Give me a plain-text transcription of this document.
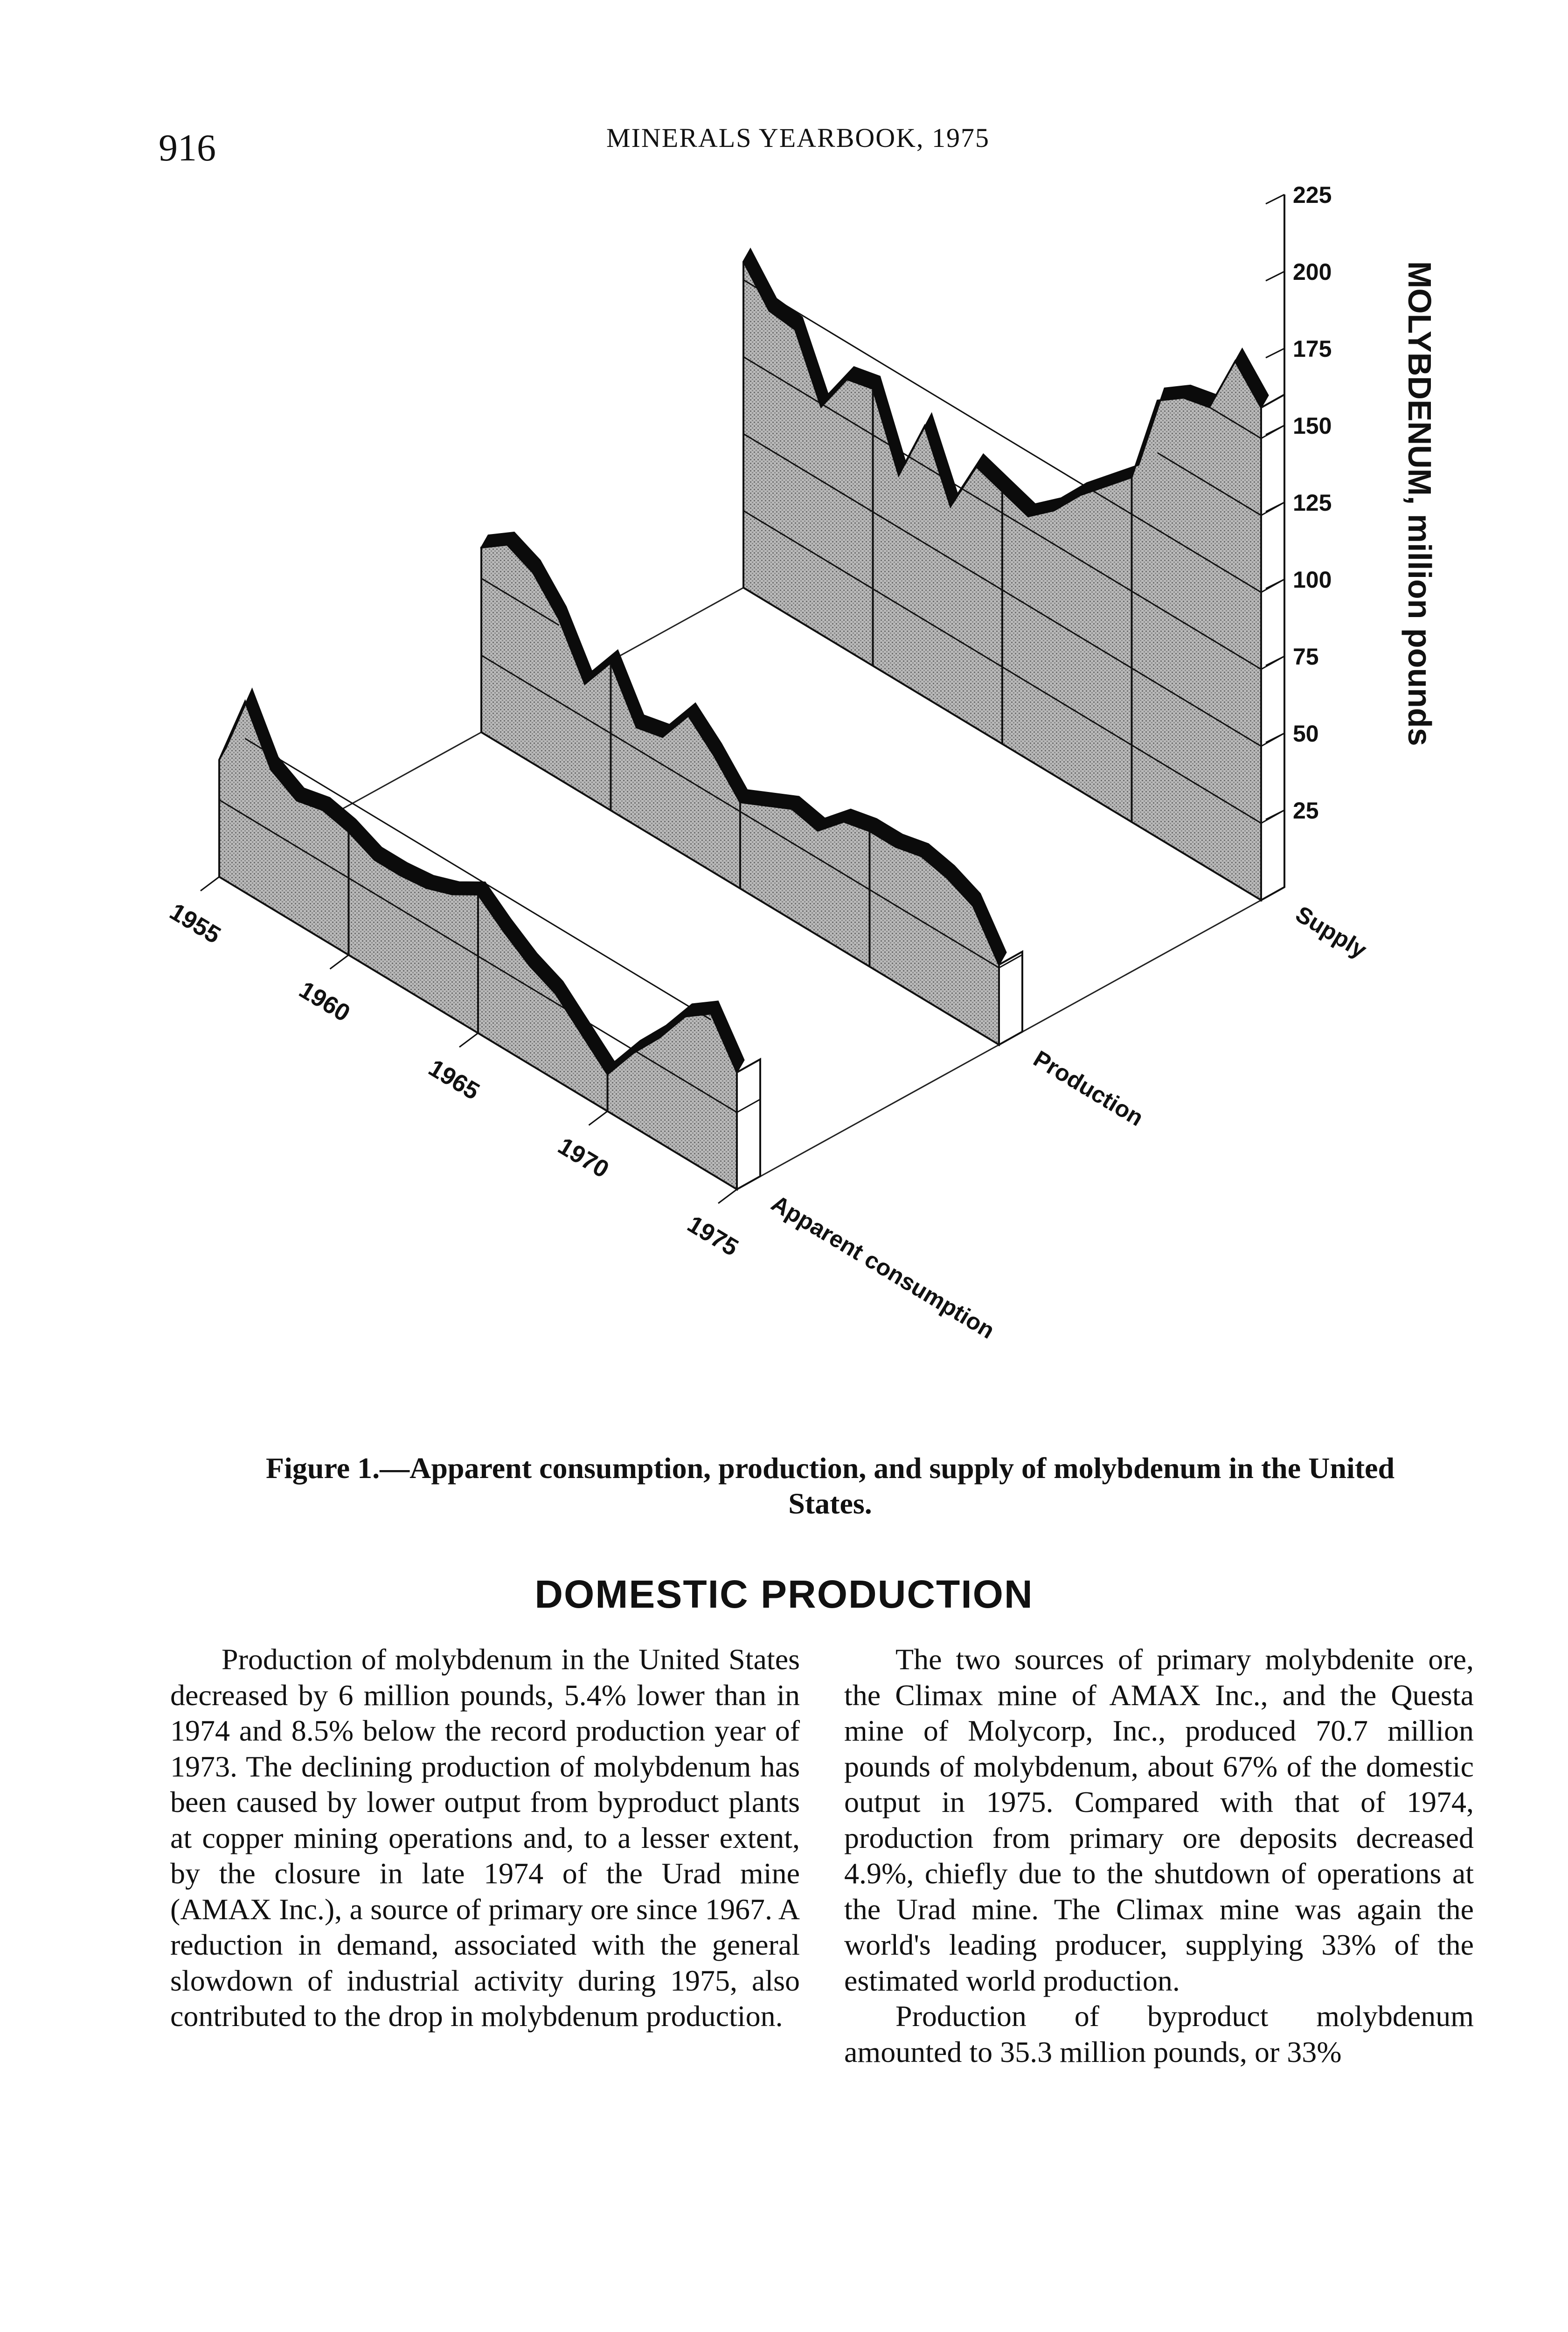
916	MINERALS YEARBOOK, 1975
25
50
75
100
125
150
175
200
225
MOLYBDENUM, million pounds
1955
1960
1965
1970
1975 Apparent consumption
Production
Supply
Figure 1.—Apparent consumption, production, and supply of molybdenum in the United States.
DOMESTIC PRODUCTION

Production of molybdenum in the United States decreased by 6 million pounds, 5.4% lower than in 1974 and 8.5% below the record production year of 1973. The declining production of molybdenum has been caused by lower output from byproduct plants at copper mining operations and, to a lesser extent, by the closure in late 1974 of the Urad mine (AMAX Inc.), a source of primary ore since 1967. A reduction in demand, associated with the general slowdown of industrial activity during 1975, also contributed to the drop in molybdenum production.

The two sources of primary molybdenite ore, the Climax mine of AMAX Inc., and the Questa mine of Molycorp, Inc., produced 70.7 million pounds of molybdenum, about 67% of the domestic output in 1975. Compared with that of 1974, production from primary ore deposits decreased 4.9%, chiefly due to the shutdown of operations at the Urad mine. The Climax mine was again the world's leading producer, supplying 33% of the estimated world production.

Production of byproduct molybdenum amounted to 35.3 million pounds, or 33%
